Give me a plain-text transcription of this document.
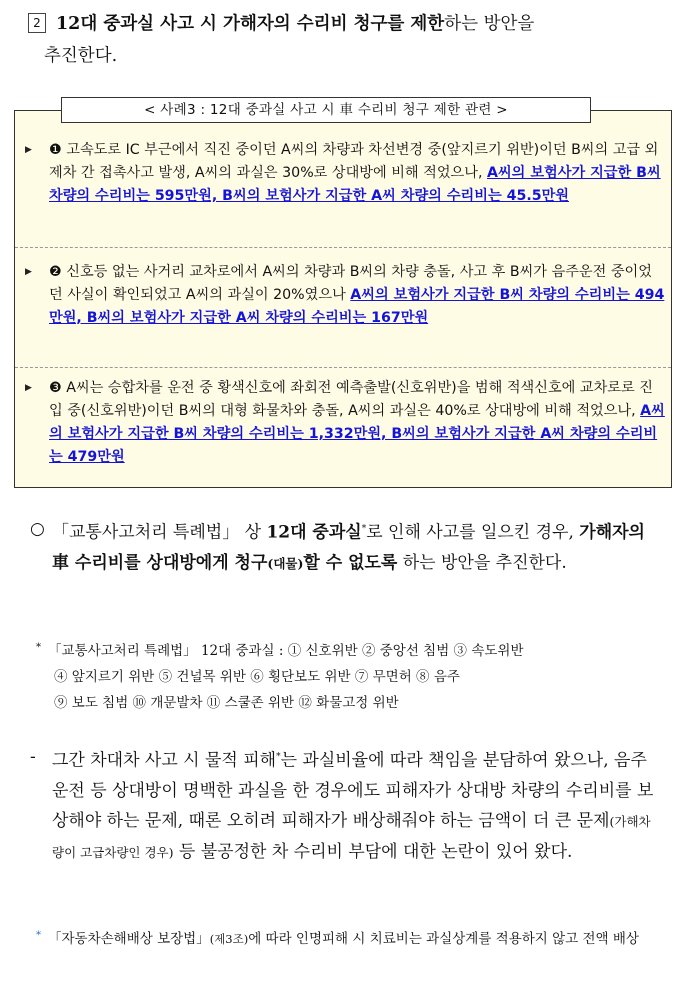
2 12대 중과실 사고 시 가해자의 수리비 청구를 제한하는 방안을
추진한다.
< 사례3 : 12대 중과실 사고 시 車 수리비 청구 제한 관련 >
▶	❶ 고속도로 IC 부근에서 직진 중이던 A씨의 차량과 차선변경 중(앞지르기 위반)이던 B씨의 고급 외제차 간 접촉사고 발생, A씨의 과실은 30%로 상대방에 비해 적었으나, A씨의 보험사가 지급한 B씨 차량의 수리비는 595만원, B씨의 보험사가 지급한 A씨 차량의 수리비는 45.5만원
▶	❷ 신호등 없는 사거리 교차로에서 A씨의 차량과 B씨의 차량 충돌, 사고 후 B씨가 음주운전 중이었던 사실이 확인되었고 A씨의 과실이 20%였으나 A씨의 보험사가 지급한 B씨 차량의 수리비는 494만원, B씨의 보험사가 지급한 A씨 차량의 수리비는 167만원
▶	❸ A씨는 승합차를 운전 중 황색신호에 좌회전 예측출발(신호위반)을 범해 적색신호에 교차로로 진입 중(신호위반)이던 B씨의 대형 화물차와 충돌, A씨의 과실은 40%로 상대방에 비해 적었으나, A씨의 보험사가 지급한 B씨 차량의 수리비는 1,332만원, B씨의 보험사가 지급한 A씨 차량의 수리비는 479만원
○ 「교통사고처리 특례법」 상 12대 중과실*로 인해 사고를 일으킨 경우, 가해자의 車 수리비를 상대방에게 청구(대물)할 수 없도록 하는 방안을 추진한다.
* 「교통사고처리 특례법」 12대 중과실 : ① 신호위반 ② 중앙선 침범 ③ 속도위반
④ 앞지르기 위반 ⑤ 건널목 위반 ⑥ 횡단보도 위반 ⑦ 무면허 ⑧ 음주
⑨ 보도 침범 ⑩ 개문발차 ⑪ 스쿨존 위반 ⑫ 화물고정 위반
- 그간 차대차 사고 시 물적 피해*는 과실비율에 따라 책임을 분담하여 왔으나, 음주운전 등 상대방이 명백한 과실을 한 경우에도 피해자가 상대방 차량의 수리비를 보상해야 하는 문제, 때론 오히려 피해자가 배상해줘야 하는 금액이 더 큰 문제(가해차량이 고급차량인 경우) 등 불공정한 차 수리비 부담에 대한 논란이 있어 왔다.
* 「자동차손해배상 보장법」(제3조)에 따라 인명피해 시 치료비는 과실상계를 적용하지 않고 전액 배상
